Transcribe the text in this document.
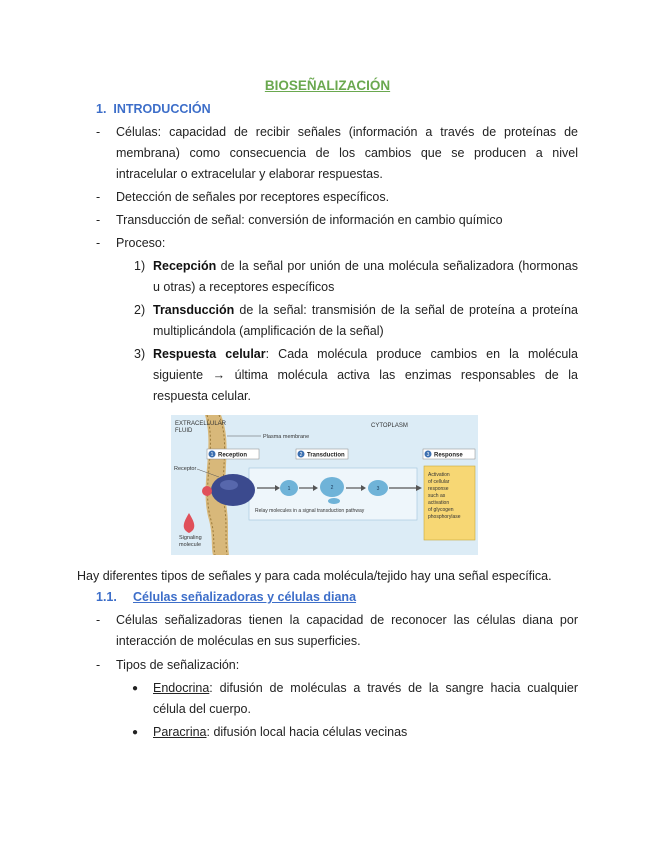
BIOSEÑALIZACIÓN
1. INTRODUCCIÓN
- Células: capacidad de recibir señales (información a través de proteínas de membrana) como consecuencia de los cambios que se producen a nivel intracelular o extracelular y elaborar respuestas.
- Detección de señales por receptores específicos.
- Transducción de señal: conversión de información en cambio químico
- Proceso:
1) Recepción de la señal por unión de una molécula señalizadora (hormonas u otras) a receptores específicos
2) Transducción de la señal: transmisión de la señal de proteína a proteína multiplicándola (amplificación de la señal)
3) Respuesta celular: Cada molécula produce cambios en la molécula siguiente → última molécula activa las enzimas responsables de la respuesta celular.
1	2	3
Reception	Transduction	Response
EXTRACELLULAR
FLUID
Plasma membrane
CYTOPLASM
Receptor
Signaling
molecule
1	2	3
Relay molecules in a signal transduction pathway
Activation
of cellular
response
such as
activation
of glycogen
phosphorylase
Hay diferentes tipos de señales y para cada molécula/tejido hay una señal específica.
1.1. Células señalizadoras y células diana
- Células señalizadoras tienen la capacidad de reconocer las células diana por interacción de moléculas en sus superficies.
- Tipos de señalización:
● Endocrina: difusión de moléculas a través de la sangre hacia cualquier célula del cuerpo.
● Paracrina: difusión local hacia células vecinas
